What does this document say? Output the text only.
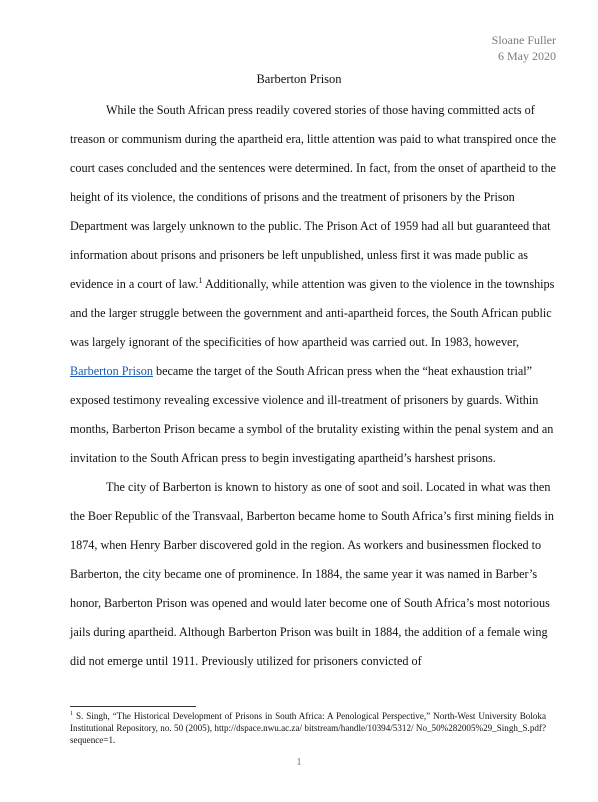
Sloane Fuller
6 May 2020
Barberton Prison

While the South African press readily covered stories of those having committed acts of treason or communism during the apartheid era, little attention was paid to what transpired once the court cases concluded and the sentences were determined. In fact, from the onset of apartheid to the height of its violence, the conditions of prisons and the treatment of prisoners by the Prison Department was largely unknown to the public. The Prison Act of 1959 had all but guaranteed that information about prisons and prisoners be left unpublished, unless first it was made public as evidence in a court of law.$^1$ Additionally, while attention was given to the violence in the townships and the larger struggle between the government and anti-apartheid forces, the South African public was largely ignorant of the specificities of how apartheid was carried out. In 1983, however, Barberton Prison became the target of the South African press when the “heat exhaustion trial” exposed testimony revealing excessive violence and ill-treatment of prisoners by guards. Within months, Barberton Prison became a symbol of the brutality existing within the penal system and an invitation to the South African press to begin investigating apartheid’s harshest prisons.

The city of Barberton is known to history as one of soot and soil. Located in what was then the Boer Republic of the Transvaal, Barberton became home to South Africa’s first mining fields in 1874, when Henry Barber discovered gold in the region. As workers and businessmen flocked to Barberton, the city became one of prominence. In 1884, the same year it was named in Barber’s honor, Barberton Prison was opened and would later become one of South Africa’s most notorious jails during apartheid. Although Barberton Prison was built in 1884, the addition of a female wing did not emerge until 1911. Previously utilized for prisoners convicted of

$^1$ S. Singh, “The Historical Development of Prisons in South Africa: A Penological Perspective,” North-West University Boloka Institutional Repository, no. 50 (2005), http://dspace.nwu.ac.za/ bitstream/handle/10394/5312/ No_50%282005%29_Singh_S.pdf?sequence=1.
1
